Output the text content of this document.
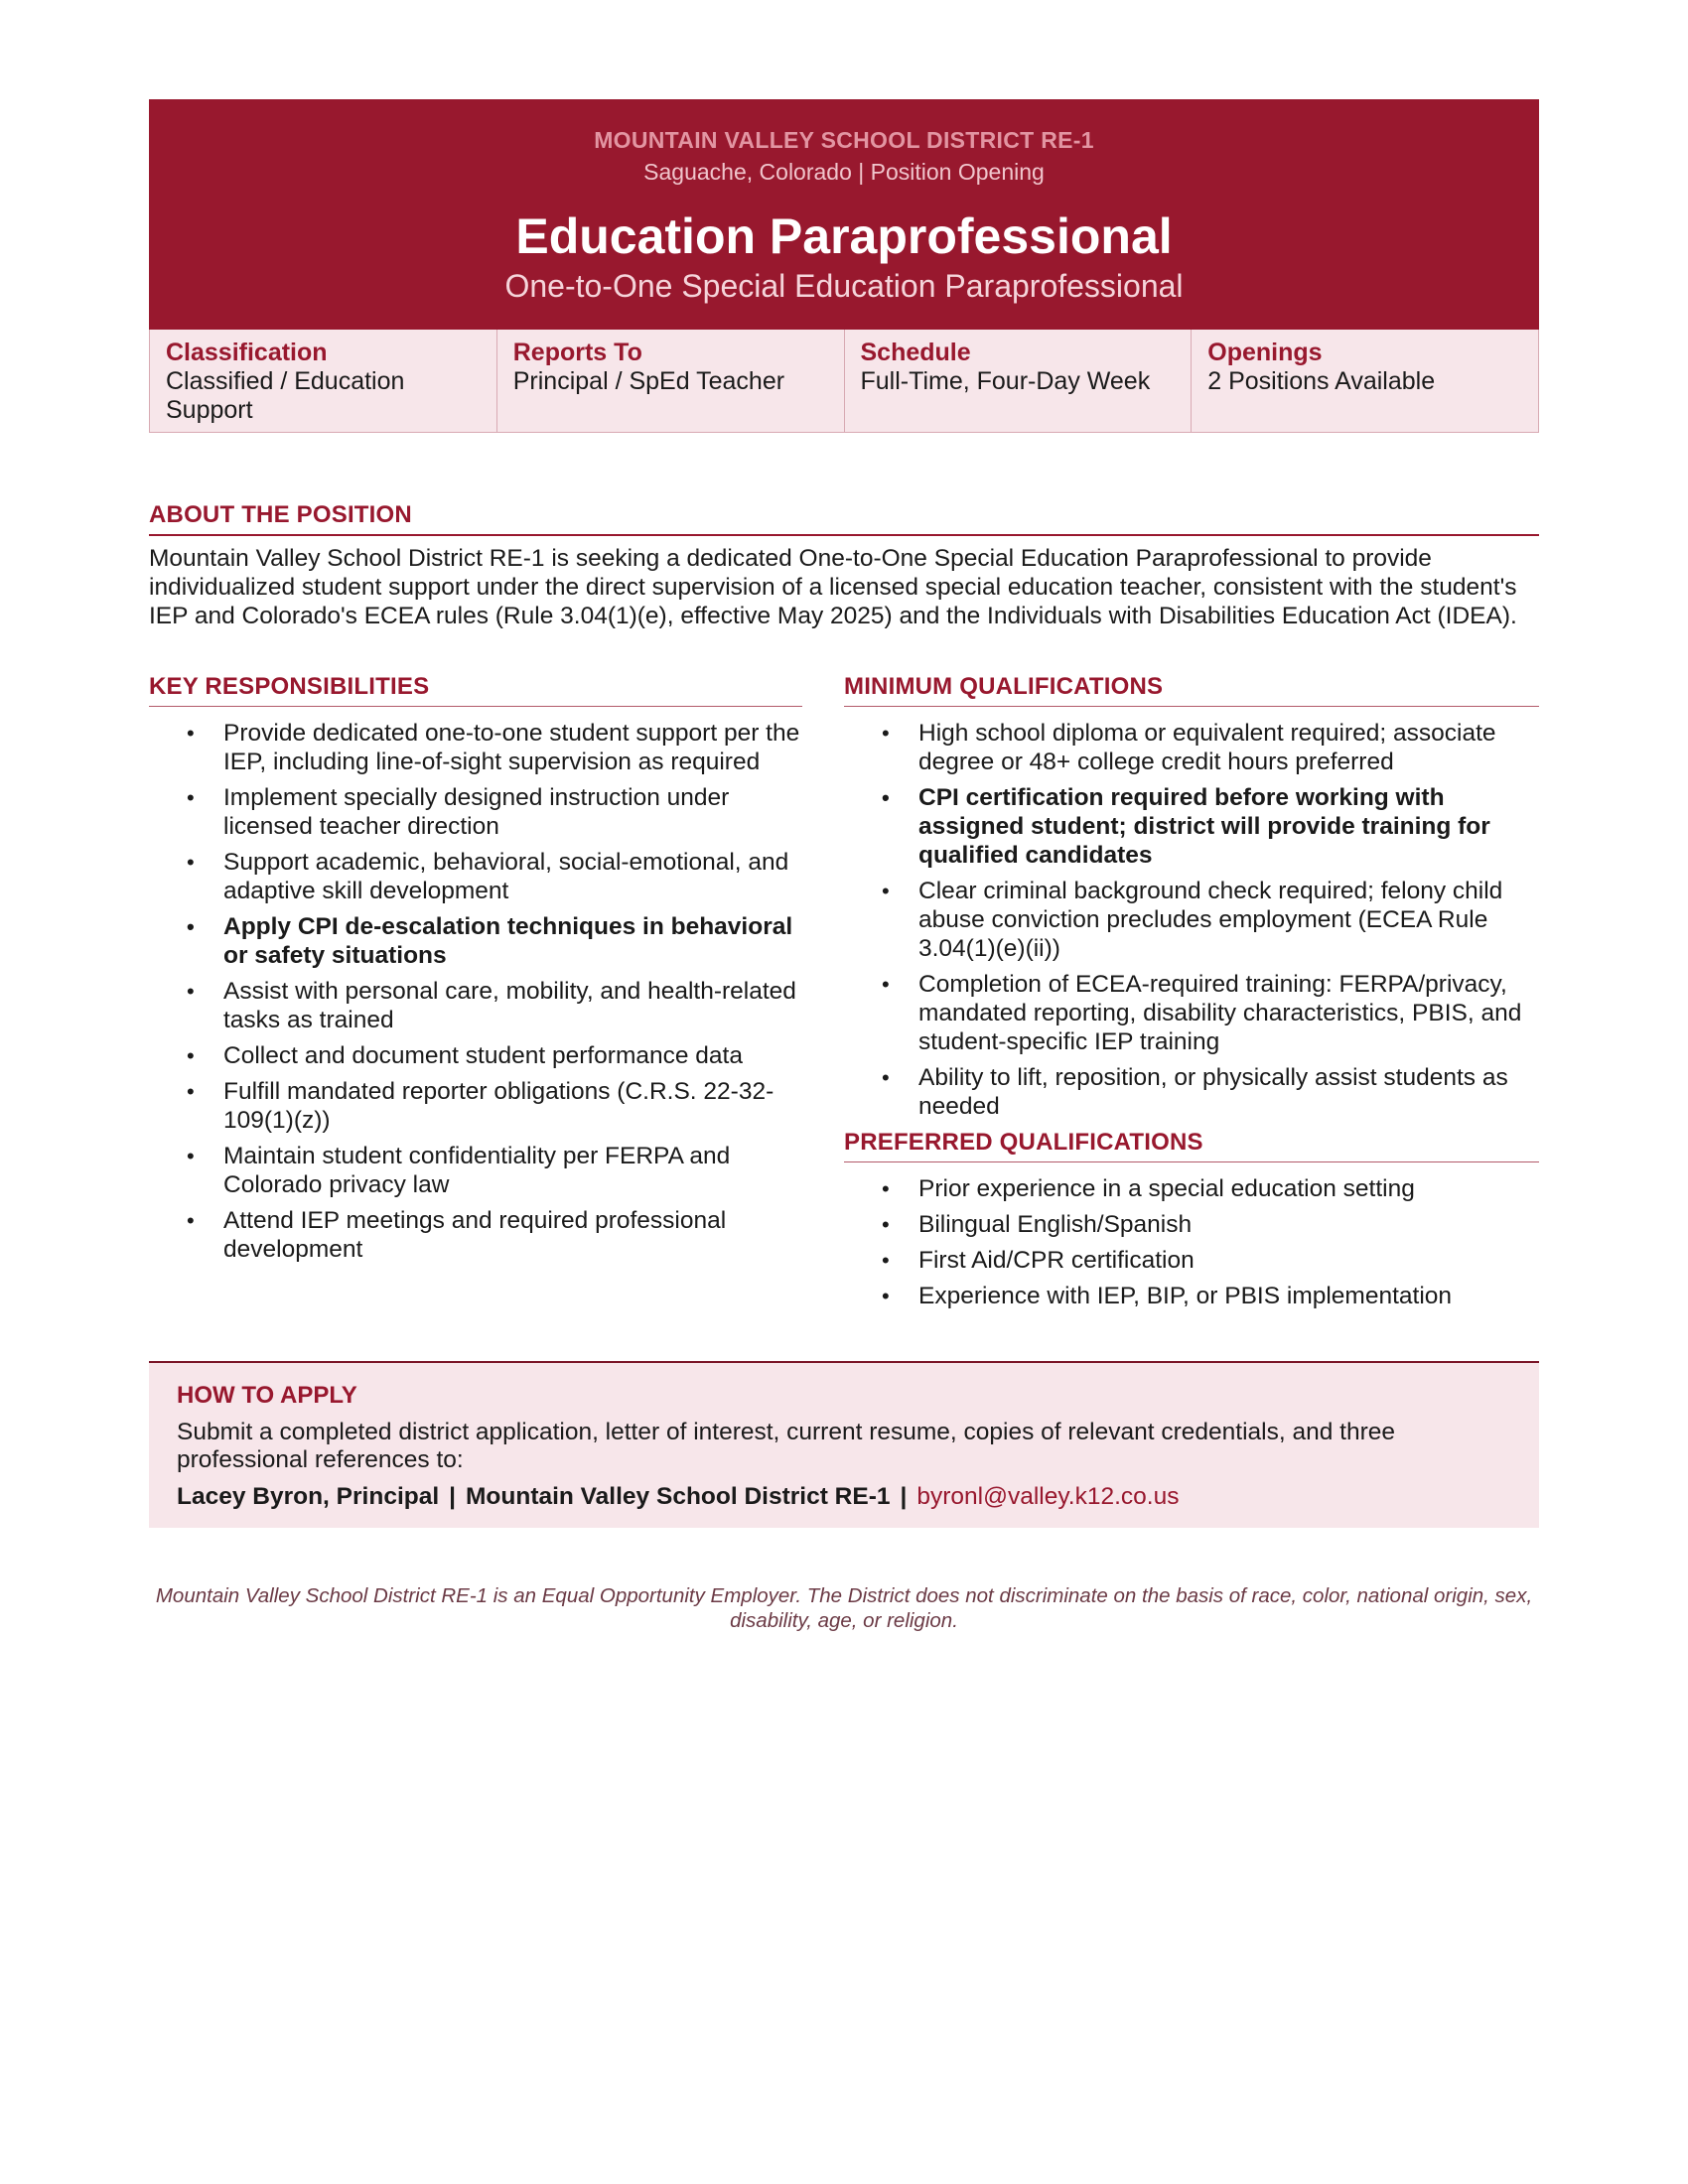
MOUNTAIN VALLEY SCHOOL DISTRICT RE-1
Saguache, Colorado | Position Opening
Education Paraprofessional
One-to-One Special Education Paraprofessional
Classification
Classified / Education Support
Reports To
Principal / SpEd Teacher
Schedule
Full-Time, Four-Day Week
Openings
2 Positions Available
ABOUT THE POSITION
Mountain Valley School District RE-1 is seeking a dedicated One-to-One Special Education Paraprofessional to provide individualized student support under the direct supervision of a licensed special education teacher, consistent with the student's IEP and Colorado's ECEA rules (Rule 3.04(1)(e), effective May 2025) and the Individuals with Disabilities Education Act (IDEA).
KEY RESPONSIBILITIES
• Provide dedicated one-to-one student support per the IEP, including line-of-sight supervision as required
• Implement specially designed instruction under licensed teacher direction
• Support academic, behavioral, social-emotional, and adaptive skill development
• Apply CPI de-escalation techniques in behavioral or safety situations
• Assist with personal care, mobility, and health-related tasks as trained
• Collect and document student performance data
• Fulfill mandated reporter obligations (C.R.S. 22-32-109(1)(z))
• Maintain student confidentiality per FERPA and Colorado privacy law
• Attend IEP meetings and required professional development
MINIMUM QUALIFICATIONS
• High school diploma or equivalent required; associate degree or 48+ college credit hours preferred
• CPI certification required before working with assigned student; district will provide training for qualified candidates
• Clear criminal background check required; felony child abuse conviction precludes employment (ECEA Rule 3.04(1)(e)(ii))
• Completion of ECEA-required training: FERPA/privacy, mandated reporting, disability characteristics, PBIS, and student-specific IEP training
• Ability to lift, reposition, or physically assist students as needed
PREFERRED QUALIFICATIONS
• Prior experience in a special education setting
• Bilingual English/Spanish
• First Aid/CPR certification
• Experience with IEP, BIP, or PBIS implementation
HOW TO APPLY
Submit a completed district application, letter of interest, current resume, copies of relevant credentials, and three professional references to:
Lacey Byron, Principal | Mountain Valley School District RE-1 | byronl@valley.k12.co.us
Mountain Valley School District RE-1 is an Equal Opportunity Employer. The District does not discriminate on the basis of race, color, national origin, sex, disability, age, or religion.
